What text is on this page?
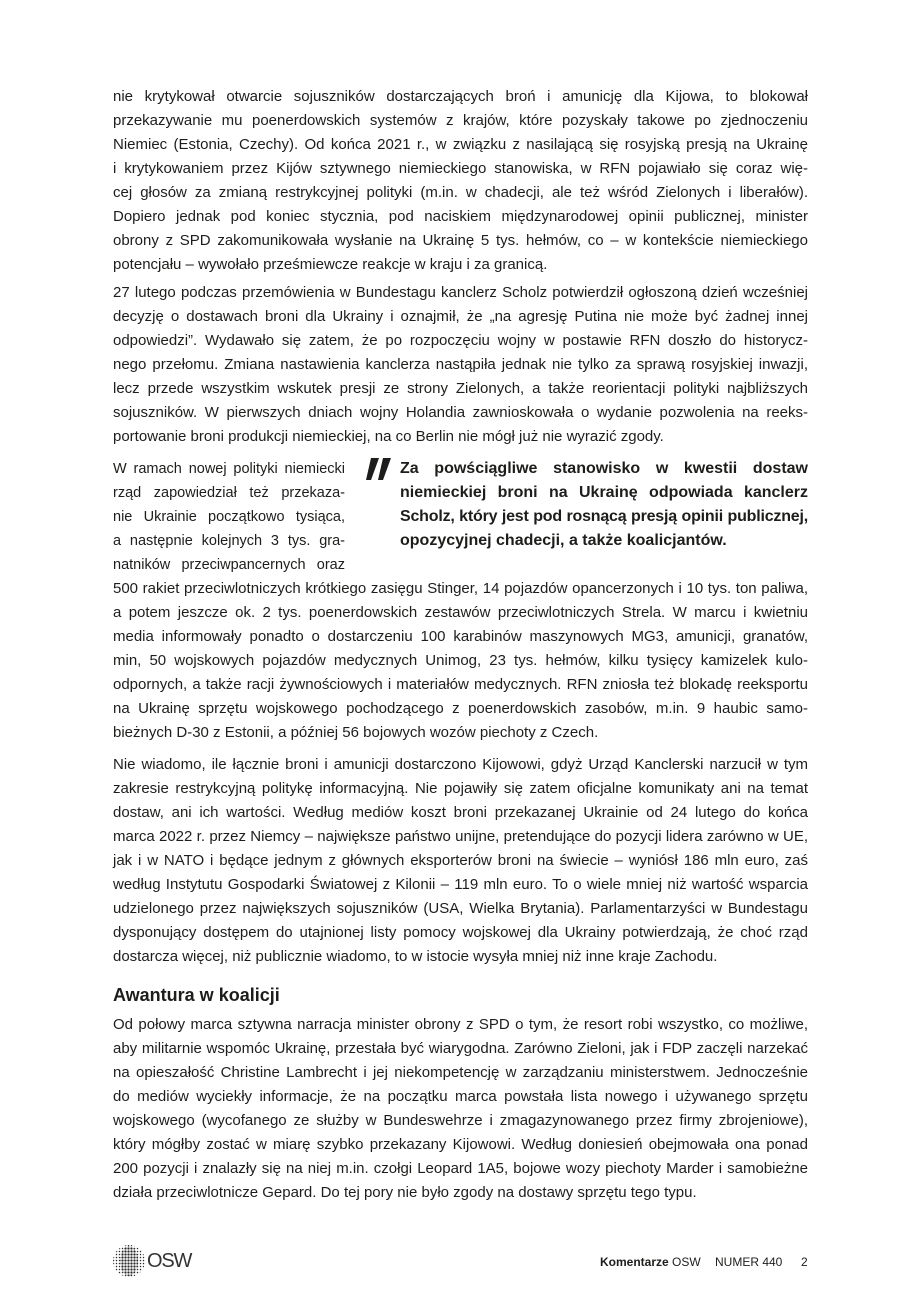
nie krytykował otwarcie sojuszników dostarczających broń i amunicję dla Kijowa, to blokował
przekazywanie mu poenerdowskich systemów z krajów, które pozyskały takowe po zjednoczeniu
Niemiec (Estonia, Czechy). Od końca 2021 r., w związku z nasilającą się rosyjską presją na Ukrainę
i krytykowaniem przez Kijów sztywnego niemieckiego stanowiska, w RFN pojawiało się coraz wię-
cej głosów za zmianą restrykcyjnej polityki (m.in. w chadecji, ale też wśród Zielonych i liberałów).
Dopiero jednak pod koniec stycznia, pod naciskiem międzynarodowej opinii publicznej, minister
obrony z SPD zakomunikowała wysłanie na Ukrainę 5 tys. hełmów, co – w kontekście niemieckiego
potencjału – wywołało prześmiewcze reakcje w kraju i za granicą.
27 lutego podczas przemówienia w Bundestagu kanclerz Scholz potwierdził ogłoszoną dzień wcześniej
decyzję o dostawach broni dla Ukrainy i oznajmił, że „na agresję Putina nie może być żadnej innej
odpowiedzi”. Wydawało się zatem, że po rozpoczęciu wojny w postawie RFN doszło do historycz-
nego przełomu. Zmiana nastawienia kanclerza nastąpiła jednak nie tylko za sprawą rosyjskiej inwazji,
lecz przede wszystkim wskutek presji ze strony Zielonych, a także reorientacji polityki najbliższych
sojuszników. W pierwszych dniach wojny Holandia zawnioskowała o wydanie pozwolenia na reeks-
portowanie broni produkcji niemieckiej, na co Berlin nie mógł już nie wyrazić zgody.
W ramach nowej polityki niemiecki
rząd zapowiedział też przekaza-
nie Ukrainie początkowo tysiąca,
a następnie kolejnych 3 tys. gra-
natników przeciwpancernych oraz
500 rakiet przeciwlotniczych krótkiego zasięgu Stinger, 14 pojazdów opancerzonych i 10 tys. ton paliwa,
a potem jeszcze ok. 2 tys. poenerdowskich zestawów przeciwlotniczych Strela. W marcu i kwietniu
media informowały ponadto o dostarczeniu 100 karabinów maszynowych MG3, amunicji, granatów,
min, 50 wojskowych pojazdów medycznych Unimog, 23 tys. hełmów, kilku tysięcy kamizelek kulo-
odpornych, a także racji żywnościowych i materiałów medycznych. RFN zniosła też blokadę reeksportu
na Ukrainę sprzętu wojskowego pochodzącego z poenerdowskich zasobów, m.in. 9 haubic samo-
bieżnych D-30 z Estonii, a później 56 bojowych wozów piechoty z Czech.
Za powściągliwe stanowisko w kwestii dostaw
niemieckiej broni na Ukrainę odpowiada kanclerz
Scholz, który jest pod rosnącą presją opinii publicznej,
opozycyjnej chadecji, a także koalicjantów.
Nie wiadomo, ile łącznie broni i amunicji dostarczono Kijowowi, gdyż Urząd Kanclerski narzucił w tym
zakresie restrykcyjną politykę informacyjną. Nie pojawiły się zatem oficjalne komunikaty ani na temat
dostaw, ani ich wartości. Według mediów koszt broni przekazanej Ukrainie od 24 lutego do końca
marca 2022 r. przez Niemcy – największe państwo unijne, pretendujące do pozycji lidera zarówno w UE,
jak i w NATO i będące jednym z głównych eksporterów broni na świecie – wyniósł 186 mln euro, zaś
według Instytutu Gospodarki Światowej z Kilonii – 119 mln euro. To o wiele mniej niż wartość wsparcia
udzielonego przez największych sojuszników (USA, Wielka Brytania). Parlamentarzyści w Bundestagu
dysponujący dostępem do utajnionej listy pomocy wojskowej dla Ukrainy potwierdzają, że choć rząd
dostarcza więcej, niż publicznie wiadomo, to w istocie wysyła mniej niż inne kraje Zachodu.
Awantura w koalicji
Od połowy marca sztywna narracja minister obrony z SPD o tym, że resort robi wszystko, co możliwe,
aby militarnie wspomóc Ukrainę, przestała być wiarygodna. Zarówno Zieloni, jak i FDP zaczęli narzekać
na opieszałość Christine Lambrecht i jej niekompetencję w zarządzaniu ministerstwem. Jednocześnie
do mediów wyciekły informacje, że na początku marca powstała lista nowego i używanego sprzętu
wojskowego (wycofanego ze służby w Bundeswehrze i zmagazynowanego przez firmy zbrojeniowe),
który mógłby zostać w miarę szybko przekazany Kijowowi. Według doniesień obejmowała ona ponad
200 pozycji i znalazły się na niej m.in. czołgi Leopard 1A5, bojowe wozy piechoty Marder i samobieżne
działa przeciwlotnicze Gepard. Do tej pory nie było zgody na dostawy sprzętu tego typu.
OSW	Komentarze OSW NUMER 440 2
